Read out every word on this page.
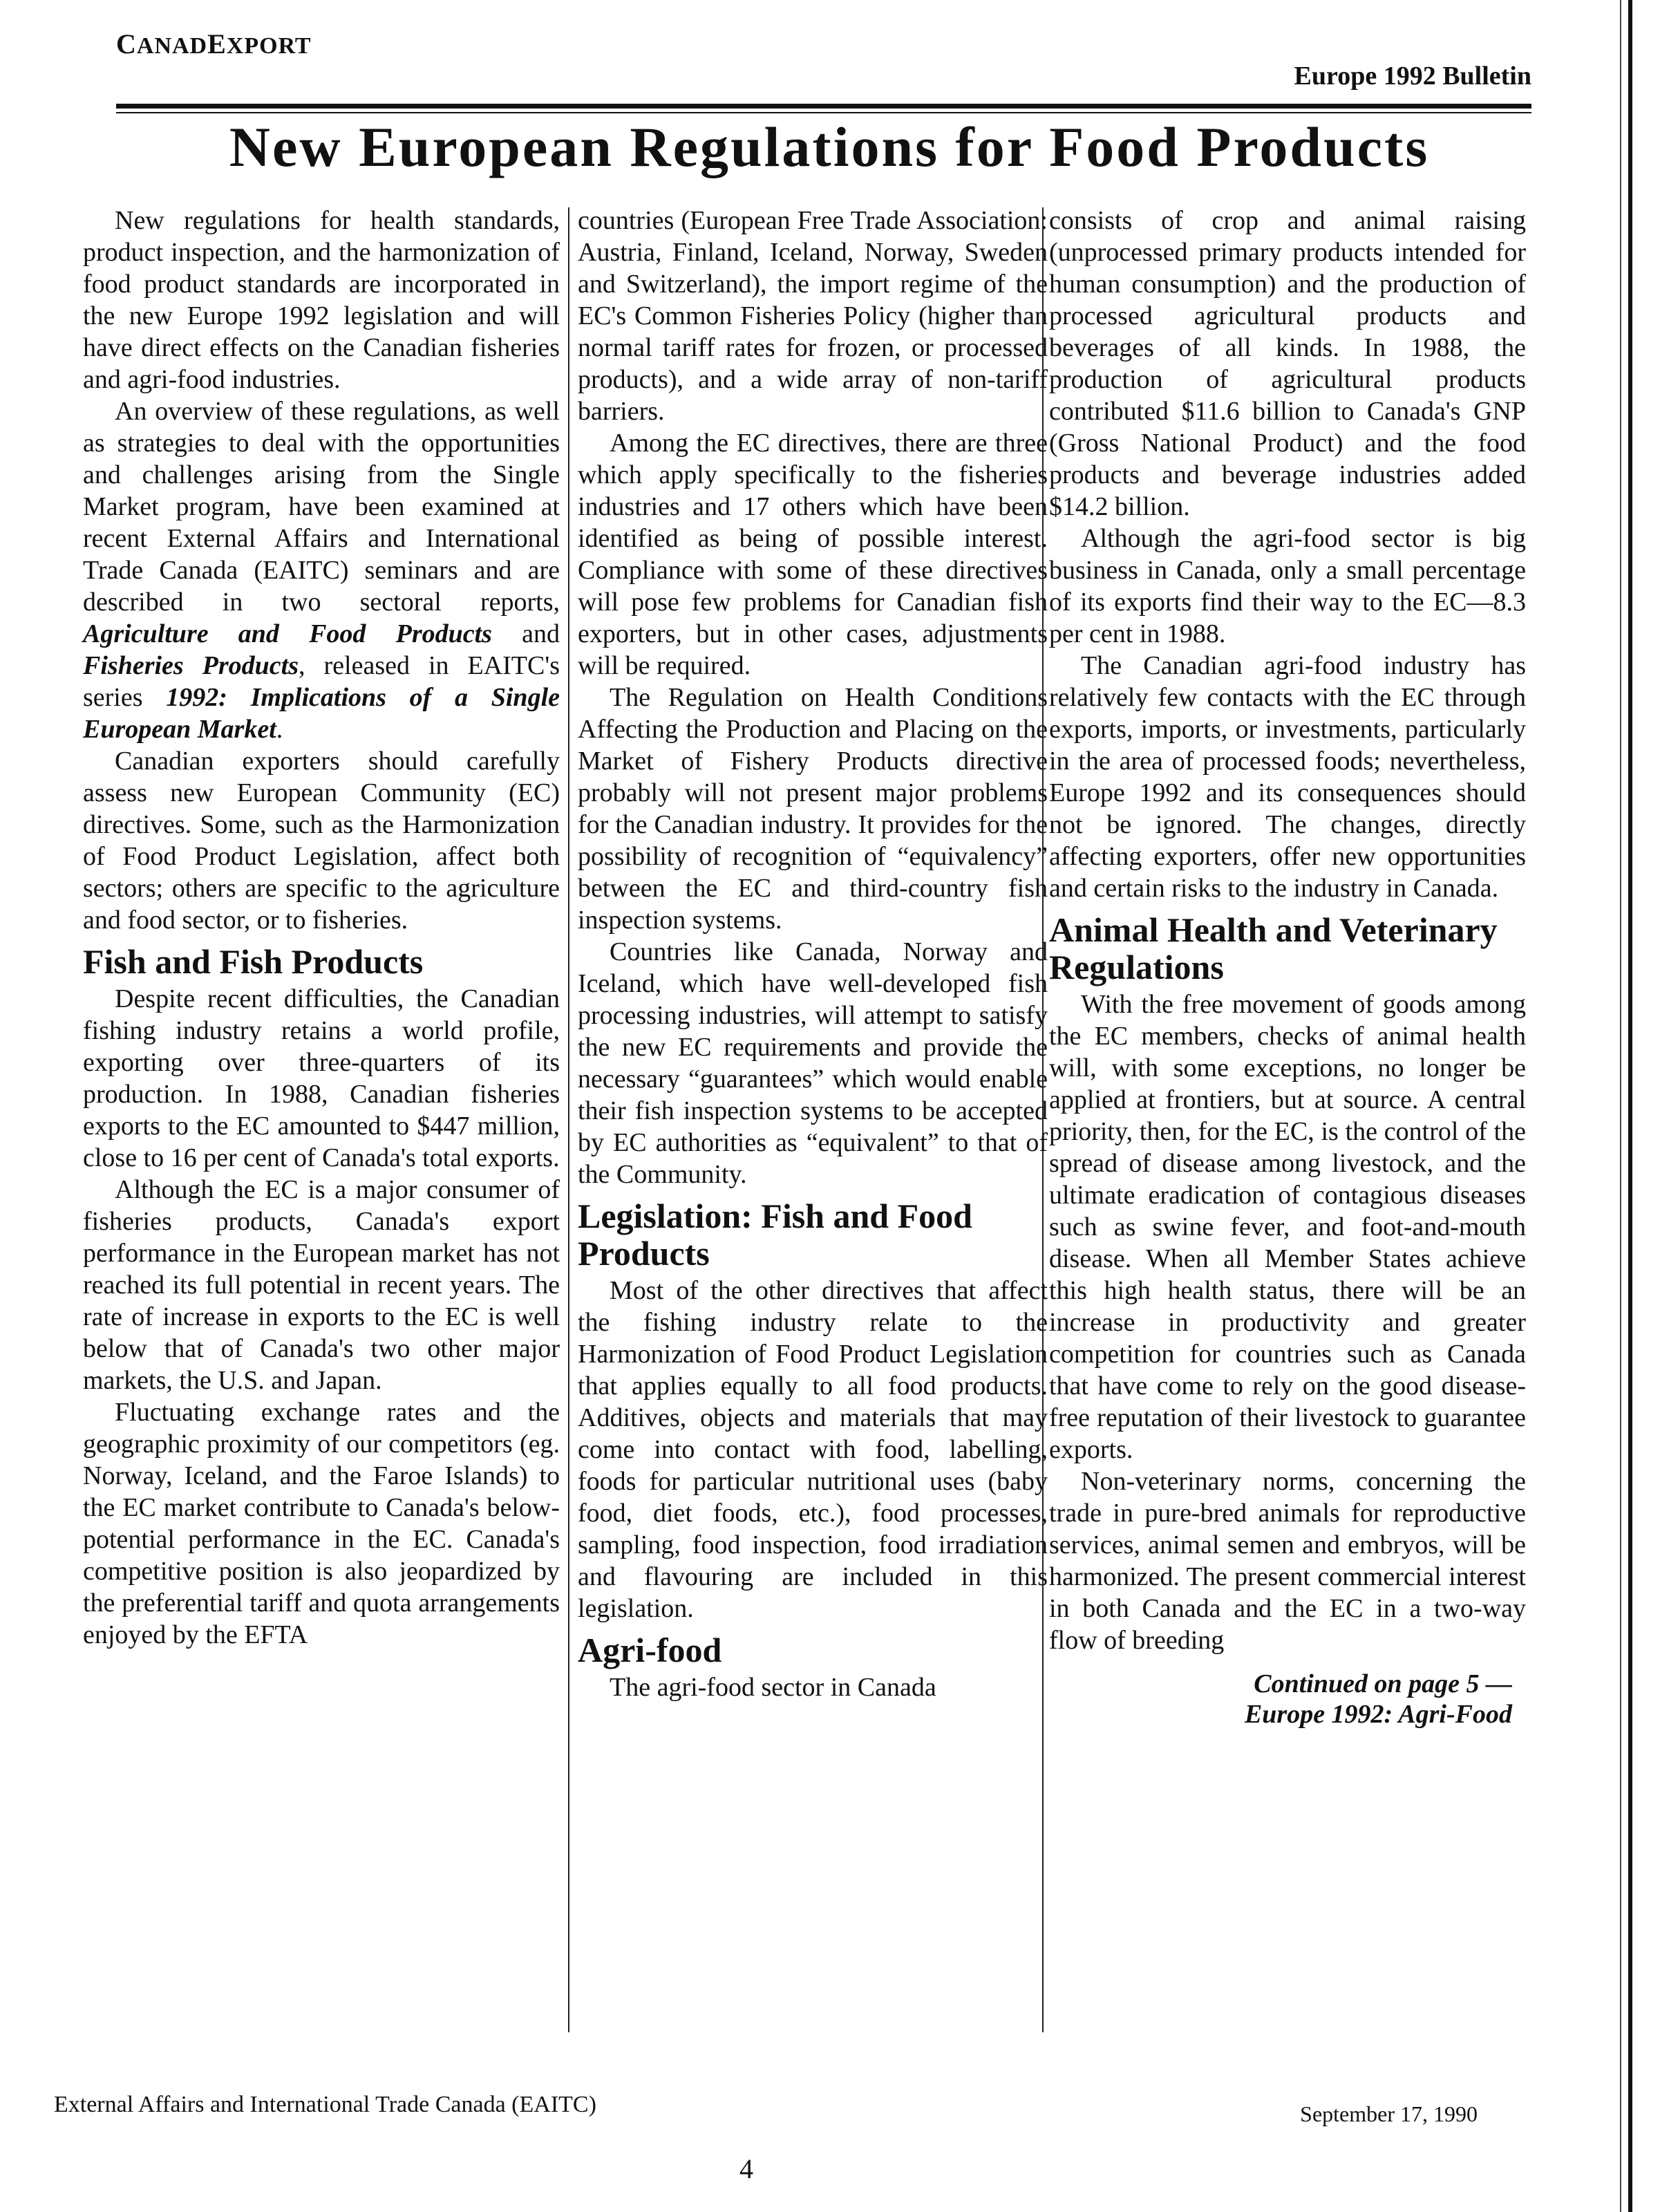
CANADEXPORT
Europe 1992 Bulletin
New European Regulations for Food Products

New regulations for health standards, product inspection, and the harmonization of food product standards are incorporated in the new Europe 1992 legislation and will have direct effects on the Canadian fisheries and agri-food industries.

An overview of these regulations, as well as strategies to deal with the opportunities and challenges arising from the Single Market program, have been examined at recent External Affairs and International Trade Canada (EAITC) seminars and are described in two sectoral reports, Agriculture and Food Products and Fisheries Products, released in EAITC's series 1992: Implications of a Single European Market.

Canadian exporters should carefully assess new European Community (EC) directives. Some, such as the Harmonization of Food Product Legislation, affect both sectors; others are specific to the agriculture and food sector, or to fisheries.

Fish and Fish Products

Despite recent difficulties, the Canadian fishing industry retains a world profile, exporting over three-quarters of its production. In 1988, Canadian fisheries exports to the EC amounted to $447 million, close to 16 per cent of Canada's total exports.

Although the EC is a major consumer of fisheries products, Canada's export performance in the European market has not reached its full potential in recent years. The rate of increase in exports to the EC is well below that of Canada's two other major markets, the U.S. and Japan.

Fluctuating exchange rates and the geographic proximity of our competitors (eg. Norway, Iceland, and the Faroe Islands) to the EC market contribute to Canada's below-potential performance in the EC. Canada's competitive position is also jeopardized by the preferential tariff and quota arrangements enjoyed by the EFTA

countries (European Free Trade Association: Austria, Finland, Iceland, Norway, Sweden and Switzerland), the import regime of the EC's Common Fisheries Policy (higher than normal tariff rates for frozen, or processed products), and a wide array of non-tariff barriers.

Among the EC directives, there are three which apply specifically to the fisheries industries and 17 others which have been identified as being of possible interest. Compliance with some of these directives will pose few problems for Canadian fish exporters, but in other cases, adjustments will be required.

The Regulation on Health Conditions Affecting the Production and Placing on the Market of Fishery Products directive probably will not present major problems for the Canadian industry. It provides for the possibility of recognition of “equivalency” between the EC and third-country fish inspection systems.

Countries like Canada, Norway and Iceland, which have well-developed fish processing industries, will attempt to satisfy the new EC requirements and provide the necessary “guarantees” which would enable their fish inspection systems to be accepted by EC authorities as “equivalent” to that of the Community.

Legislation: Fish and Food Products

Most of the other directives that affect the fishing industry relate to the Harmonization of Food Product Legislation that applies equally to all food products. Additives, objects and materials that may come into contact with food, labelling, foods for particular nutritional uses (baby food, diet foods, etc.), food processes, sampling, food inspection, food irradiation and flavouring are included in this legislation.

Agri-food

The agri-food sector in Canada

consists of crop and animal raising (unprocessed primary products intended for human consumption) and the production of processed agricultural products and beverages of all kinds. In 1988, the production of agricultural products contributed $11.6 billion to Canada's GNP (Gross National Product) and the food products and beverage industries added $14.2 billion.

Although the agri-food sector is big business in Canada, only a small percentage of its exports find their way to the EC—8.3 per cent in 1988.

The Canadian agri-food industry has relatively few contacts with the EC through exports, imports, or investments, particularly in the area of processed foods; nevertheless, Europe 1992 and its consequences should not be ignored. The changes, directly affecting exporters, offer new opportunities and certain risks to the industry in Canada.

Animal Health and Veterinary Regulations

With the free movement of goods among the EC members, checks of animal health will, with some exceptions, no longer be applied at frontiers, but at source. A central priority, then, for the EC, is the control of the spread of disease among livestock, and the ultimate eradication of contagious diseases such as swine fever, and foot-and-mouth disease. When all Member States achieve this high health status, there will be an increase in productivity and greater competition for countries such as Canada that have come to rely on the good disease-free reputation of their livestock to guarantee exports.

Non-veterinary norms, concerning the trade in pure-bred animals for reproductive services, animal semen and embryos, will be harmonized. The present commercial interest in both Canada and the EC in a two-way flow of breeding

Continued on page 5 —
Europe 1992: Agri-Food
External Affairs and International Trade Canada (EAITC)	September 17, 1990
4
